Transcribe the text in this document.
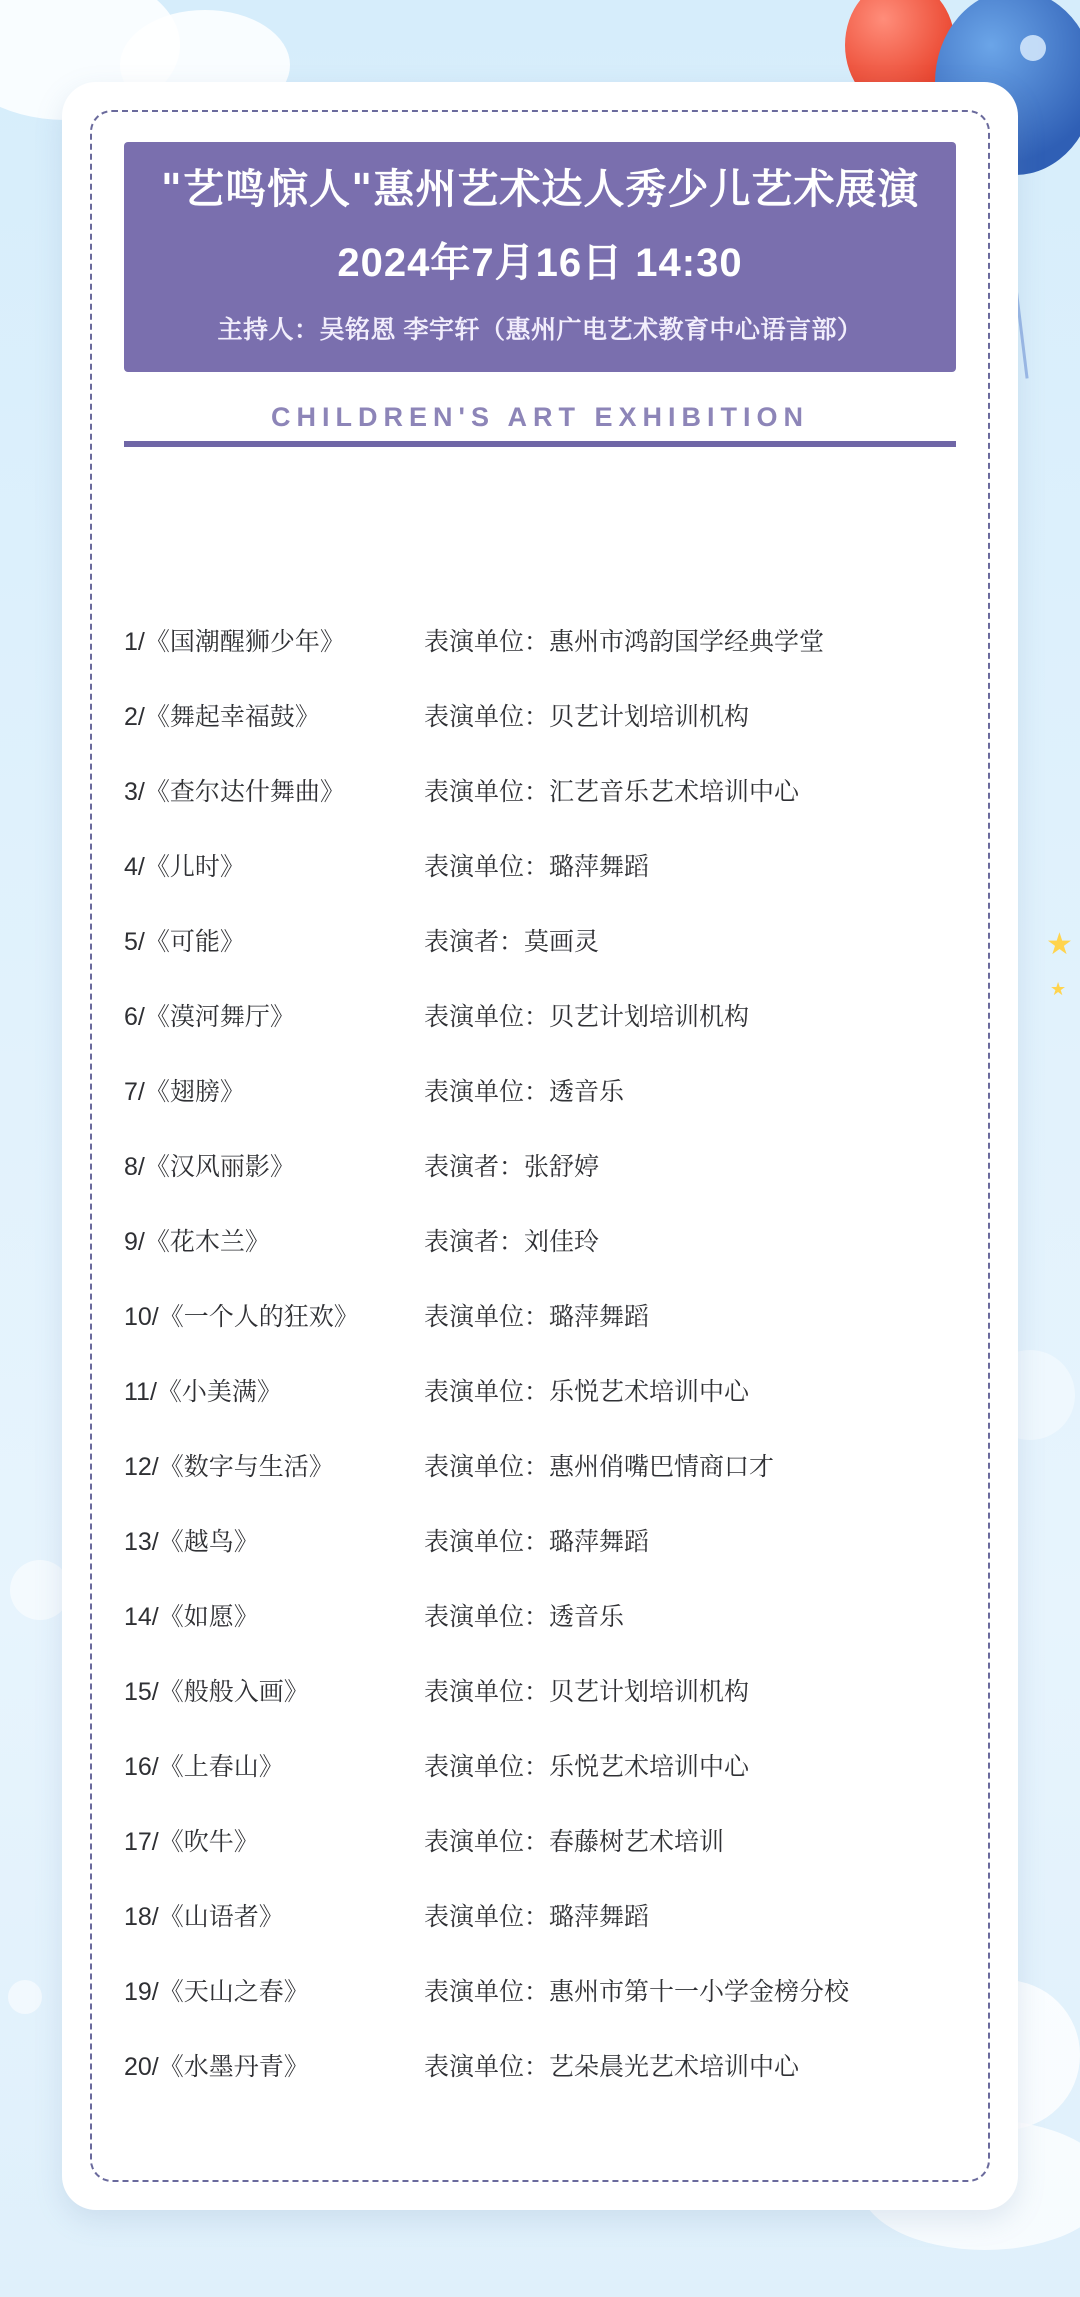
★
★
"艺鸣惊人"惠州艺术达人秀少儿艺术展演
2024年7月16日 14:30
主持人：吴铭恩 李宇轩（惠州广电艺术教育中心语言部）
CHILDREN'S ART EXHIBITION
1/《国潮醒狮少年》	表演单位：惠州市鸿韵国学经典学堂
2/《舞起幸福鼓》	表演单位：贝艺计划培训机构
3/《查尔达什舞曲》	表演单位：汇艺音乐艺术培训中心
4/《儿时》	表演单位：璐萍舞蹈
5/《可能》	表演者：莫画灵
6/《漠河舞厅》	表演单位：贝艺计划培训机构
7/《翅膀》	表演单位：透音乐
8/《汉风丽影》	表演者：张舒婷
9/《花木兰》	表演者：刘佳玲
10/《一个人的狂欢》	表演单位：璐萍舞蹈
11/《小美满》	表演单位：乐悦艺术培训中心
12/《数字与生活》	表演单位：惠州俏嘴巴情商口才
13/《越鸟》	表演单位：璐萍舞蹈
14/《如愿》	表演单位：透音乐
15/《般般入画》	表演单位：贝艺计划培训机构
16/《上春山》	表演单位：乐悦艺术培训中心
17/《吹牛》	表演单位：春藤树艺术培训
18/《山语者》	表演单位：璐萍舞蹈
19/《天山之春》	表演单位：惠州市第十一小学金榜分校
20/《水墨丹青》	表演单位：艺朵晨光艺术培训中心
